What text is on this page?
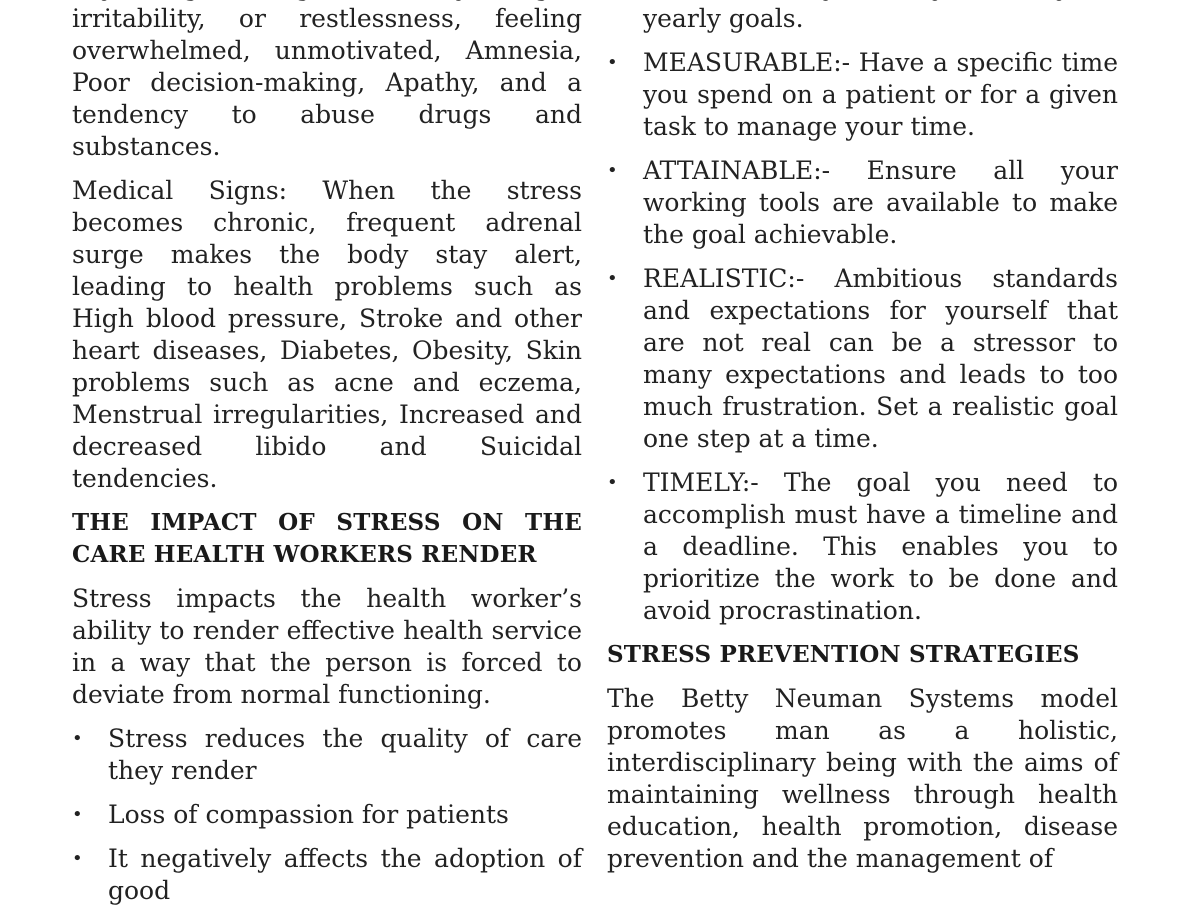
irritability, or restlessness, feeling overwhelmed, unmotivated, Amnesia, Poor decision-making, Apathy, and a tendency to abuse drugs and substances.

Medical Signs: When the stress becomes chronic, frequent adrenal surge makes the body stay alert, leading to health problems such as High blood pressure, Stroke and other heart diseases, Diabetes, Obesity, Skin problems such as acne and eczema, Menstrual irregularities, Increased and decreased libido and Suicidal tendencies.

THE IMPACT OF STRESS ON THE CARE HEALTH WORKERS RENDER

Stress impacts the health worker’s ability to render effective health service in a way that the person is forced to deviate from normal functioning.

• Stress reduces the quality of care they render
• Loss of compassion for patients
• It negatively affects the adoption of good
yearly goals.
• MEASURABLE:- Have a specific time you spend on a patient or for a given task to manage your time.
• ATTAINABLE:- Ensure all your working tools are available to make the goal achievable.
• REALISTIC:- Ambitious standards and expectations for yourself that are not real can be a stressor to many expectations and leads to too much frustration. Set a realistic goal one step at a time.
• TIMELY:- The goal you need to accomplish must have a timeline and a deadline. This enables you to prioritize the work to be done and avoid procrastination.
STRESS PREVENTION STRATEGIES

The Betty Neuman Systems model promotes man as a holistic, interdisciplinary being with the aims of maintaining wellness through health education, health promotion, disease prevention and the management of
